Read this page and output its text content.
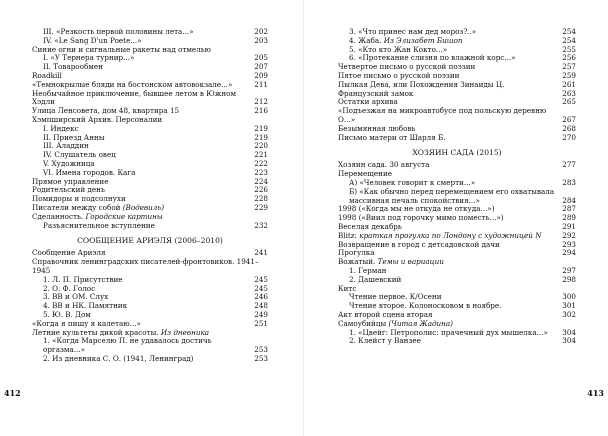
III. «Резкость первой половины лета...»	202
IV. «Le Sang D'un Poete...»	203
Синие огни и сигнальные ракеты над отмелью
I. «У Тернера турнир...»	205
II. Товарообмен	207
Roadkill	209
«Темнокрылые бляди на бостонском автовокзале...»	211
Необычайное приключение, бывшее летом в Южном Хэдли	212
Улица Ленсовета, дом 48, квартира 15	216
Хэмпширский Архив. Персоналии
I. Индекс	219
II. Приезд Анны	219
III. Аладдин	220
IV. Слушатель овец	221
V. Художница	222
VI. Имена городов. Кага	223
Прямое управление	224
Родительский день	226
Помидоры и подсолнухи	228
Писатели между собой (Водевиль)	229
Сделанность. Городские картины
Разъяснительное вступление	232
СООБЩЕНИЕ АРИЭЛЯ (2006–2010)
Сообщение Ариэля	241
Справочник ленинградских писателей-фронтовиков. 1941–1945
1. Л. П. Присутствие	245
2. О. Ф. Голос	245
3. ВВ и ОМ. Слух	246
4. ВВ и НК. Памятник	248
5. Ю. В. Дом	249
«Когда я пишу я калетаю...»	251
Летние культеты дикой красоты. Из дневника
1. «Когда Марселю П. не удавалось достичь оргазма...»	253
2. Из дневника С. О. (1941, Ленинград)	253
3. «Что принес нам дед мороз?..»	254
4. Жаба. Из Элизабет Бишоп	254
5. «Кто кто Жан Кокто...»	255
6. «Протекание слизня по влажной корс...»	256
Четвертое письмо о русской поэзии	257
Пятое письмо о русской поэзии	259
Пылкая Дева, или Похождения Зинаиды Ц.	261
Французский замок	263
Остатки архива	265
«Подъезжая на микроавтобусе под польскую деревню О...»	267
Безымянная любовь	268
Письмо матери от Шарля Б.	270
ХОЗЯИН САДА (2015)
Хозяин сада. 30 августа	277
Перемещение
А) «Человек говорит к смерти...»	283
Б) «Как обычно перед перемещением его охватывала массивная печаль спокойствия...»	284
1998 («Когда мы не откуда не откуда...»)	287
1998 («Виил под горочку мимо поместь...»)	289
Веселая декабрь	291
Blitz: краткая прогулка по Лондону с художницей N	292
Возвращение в город с детсадовской дачи	293
Прогулка	294
Вожатый. Темы и вариации
1. Герман	297
2. Дашевский	298
Китс
Чтение первое. К/Осени	300
Чтение второе. Колоносковом в ноябре.	301
Акт второй сцена вторая	302
Самоубийцы (Читая Жадина)
1. «Цвейг: Петрополис: прачечный дух мышелка...»	304
2. Клейст у Ванзее	304
412	413
